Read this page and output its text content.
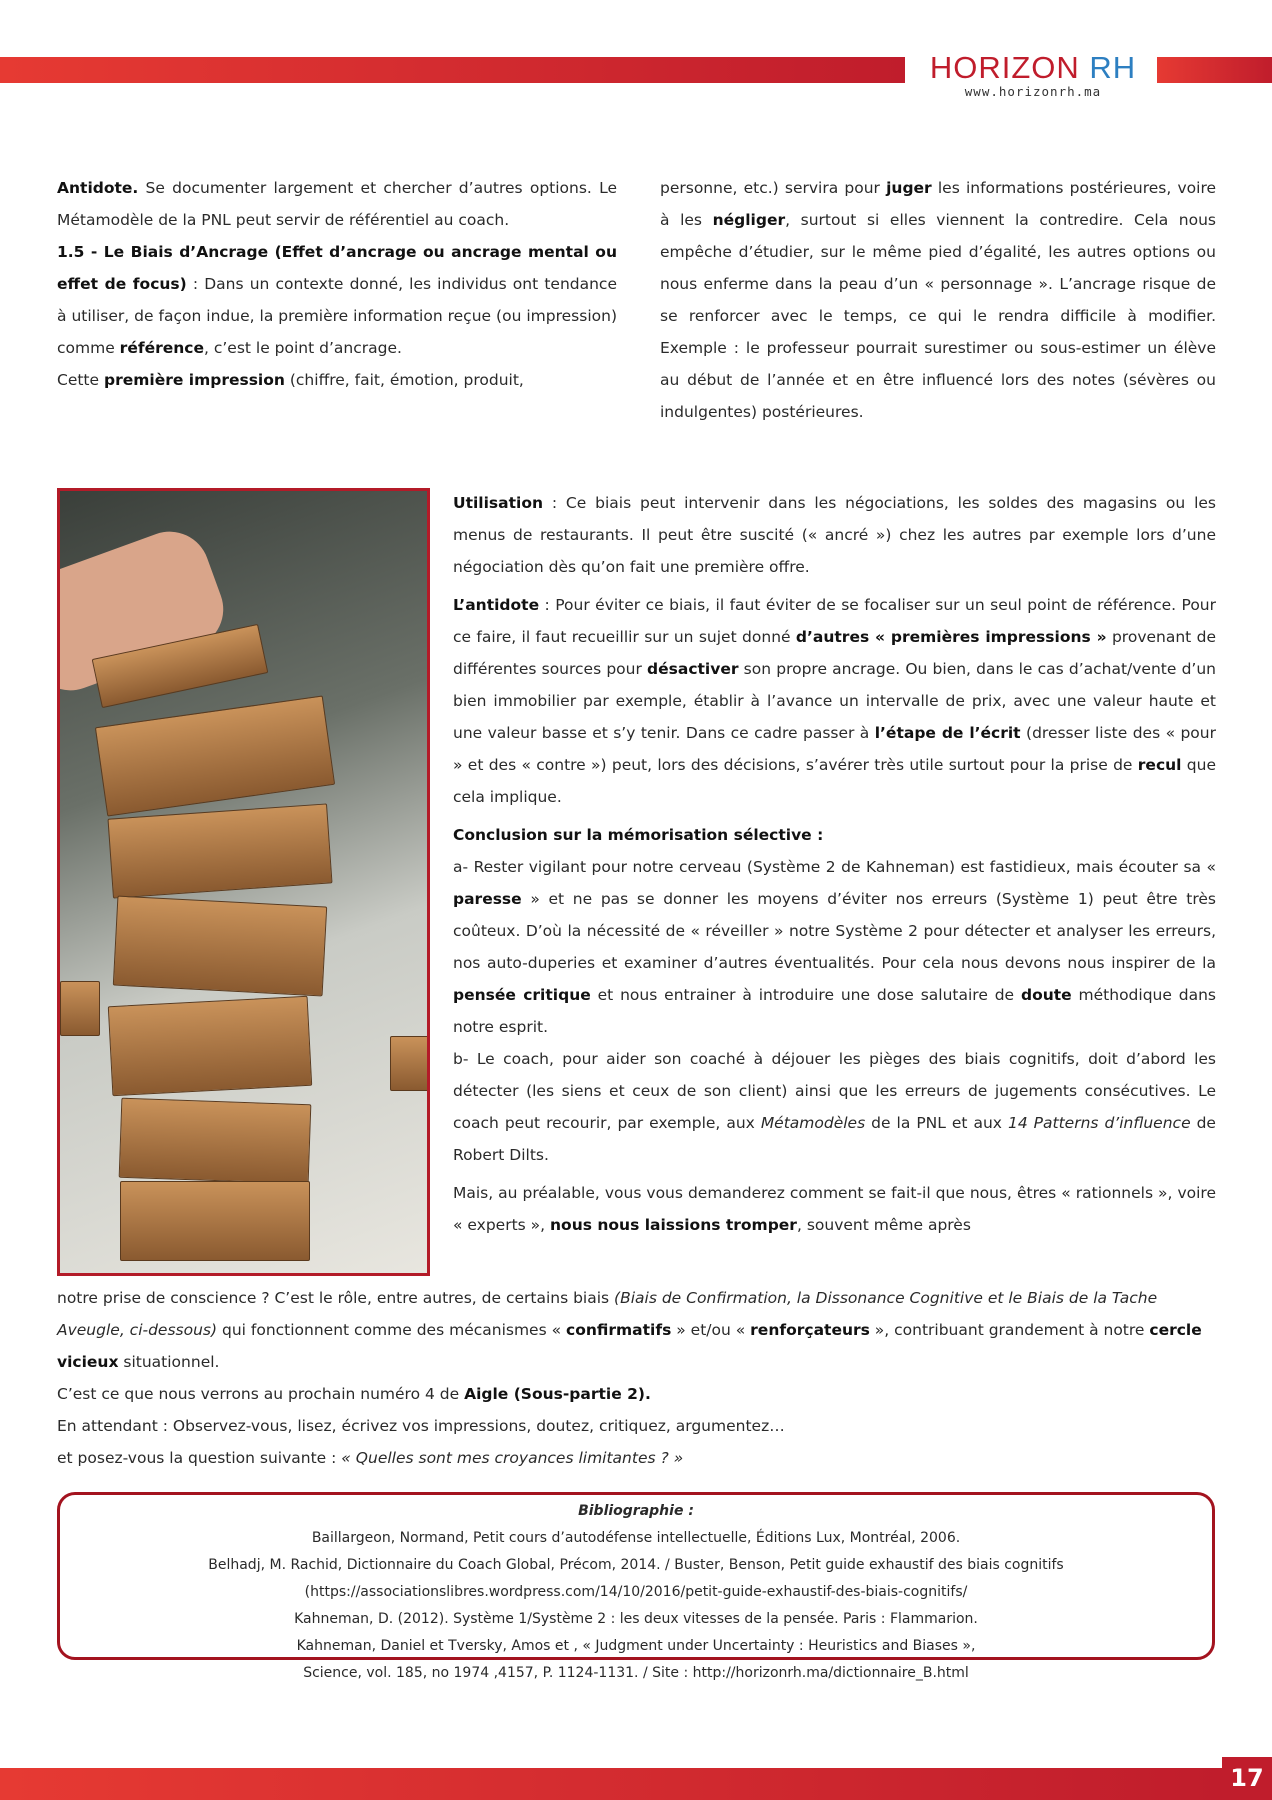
HORIZON RH
www.horizonrh.ma

Antidote. Se documenter largement et chercher d’autres options. Le Métamodèle de la PNL peut servir de référentiel au coach.

1.5 - Le Biais d’Ancrage (Effet d’ancrage ou ancrage mental ou effet de focus) : Dans un contexte donné, les individus ont tendance à utiliser, de façon indue, la première information reçue (ou impression) comme référence, c’est le point d’ancrage.

Cette première impression (chiffre, fait, émotion, produit,

personne, etc.) servira pour juger les informations postérieures, voire à les négliger, surtout si elles viennent la contredire. Cela nous empêche d’étudier, sur le même pied d’égalité, les autres options ou nous enferme dans la peau d’un « personnage ». L’ancrage risque de se renforcer avec le temps, ce qui le rendra difficile à modifier. Exemple : le professeur pourrait surestimer ou sous-estimer un élève au début de l’année et en être influencé lors des notes (sévères ou indulgentes) postérieures.

Utilisation : Ce biais peut intervenir dans les négociations, les soldes des magasins ou les menus de restaurants. Il peut être suscité (« ancré ») chez les autres par exemple lors d’une négociation dès qu’on fait une première offre.

L’antidote : Pour éviter ce biais, il faut éviter de se focaliser sur un seul point de référence. Pour ce faire, il faut recueillir sur un sujet donné d’autres « premières impressions » provenant de différentes sources pour désactiver son propre ancrage. Ou bien, dans le cas d’achat/vente d’un bien immobilier par exemple, établir à l’avance un intervalle de prix, avec une valeur haute et une valeur basse et s’y tenir. Dans ce cadre passer à l’étape de l’écrit (dresser liste des « pour » et des « contre ») peut, lors des décisions, s’avérer très utile surtout pour la prise de recul que cela implique.

Conclusion sur la mémorisation sélective :
a- Rester vigilant pour notre cerveau (Système 2 de Kahneman) est fastidieux, mais écouter sa « paresse » et ne pas se donner les moyens d’éviter nos erreurs (Système 1) peut être très coûteux. D’où la nécessité de « réveiller » notre Système 2 pour détecter et analyser les erreurs, nos auto-duperies et examiner d’autres éventualités. Pour cela nous devons nous inspirer de la pensée critique et nous entrainer à introduire une dose salutaire de doute méthodique dans notre esprit.
b- Le coach, pour aider son coaché à déjouer les pièges des biais cognitifs, doit d’abord les détecter (les siens et ceux de son client) ainsi que les erreurs de jugements consécutives. Le coach peut recourir, par exemple, aux Métamodèles de la PNL et aux 14 Patterns d’influence de Robert Dilts.

Mais, au préalable, vous vous demanderez comment se fait-il que nous, êtres « rationnels », voire « experts », nous nous laissions tromper, souvent même après

notre prise de conscience ? C’est le rôle, entre autres, de certains biais (Biais de Confirmation, la Dissonance Cognitive et le Biais de la Tache Aveugle, ci-dessous) qui fonctionnent comme des mécanismes « confirmatifs » et/ou « renforçateurs », contribuant grandement à notre cercle vicieux situationnel.

C’est ce que nous verrons au prochain numéro 4 de Aigle (Sous-partie 2).

En attendant : Observez-vous, lisez, écrivez vos impressions, doutez, critiquez, argumentez…

et posez-vous la question suivante : « Quelles sont mes croyances limitantes ? »

Bibliographie :
Baillargeon, Normand, Petit cours d’autodéfense intellectuelle, Éditions Lux, Montréal, 2006.
Belhadj, M. Rachid, Dictionnaire du Coach Global, Précom, 2014. / Buster, Benson, Petit guide exhaustif des biais cognitifs
(https://associationslibres.wordpress.com/14/10/2016/petit-guide-exhaustif-des-biais-cognitifs/
Kahneman, D. (2012). Système 1/Système 2 : les deux vitesses de la pensée. Paris : Flammarion.
Kahneman, Daniel et Tversky, Amos et , « Judgment under Uncertainty : Heuristics and Biases »,
Science, vol. 185, no 1974 ,4157, P. 1124-1131. / Site : http://horizonrh.ma/dictionnaire_B.html
17
